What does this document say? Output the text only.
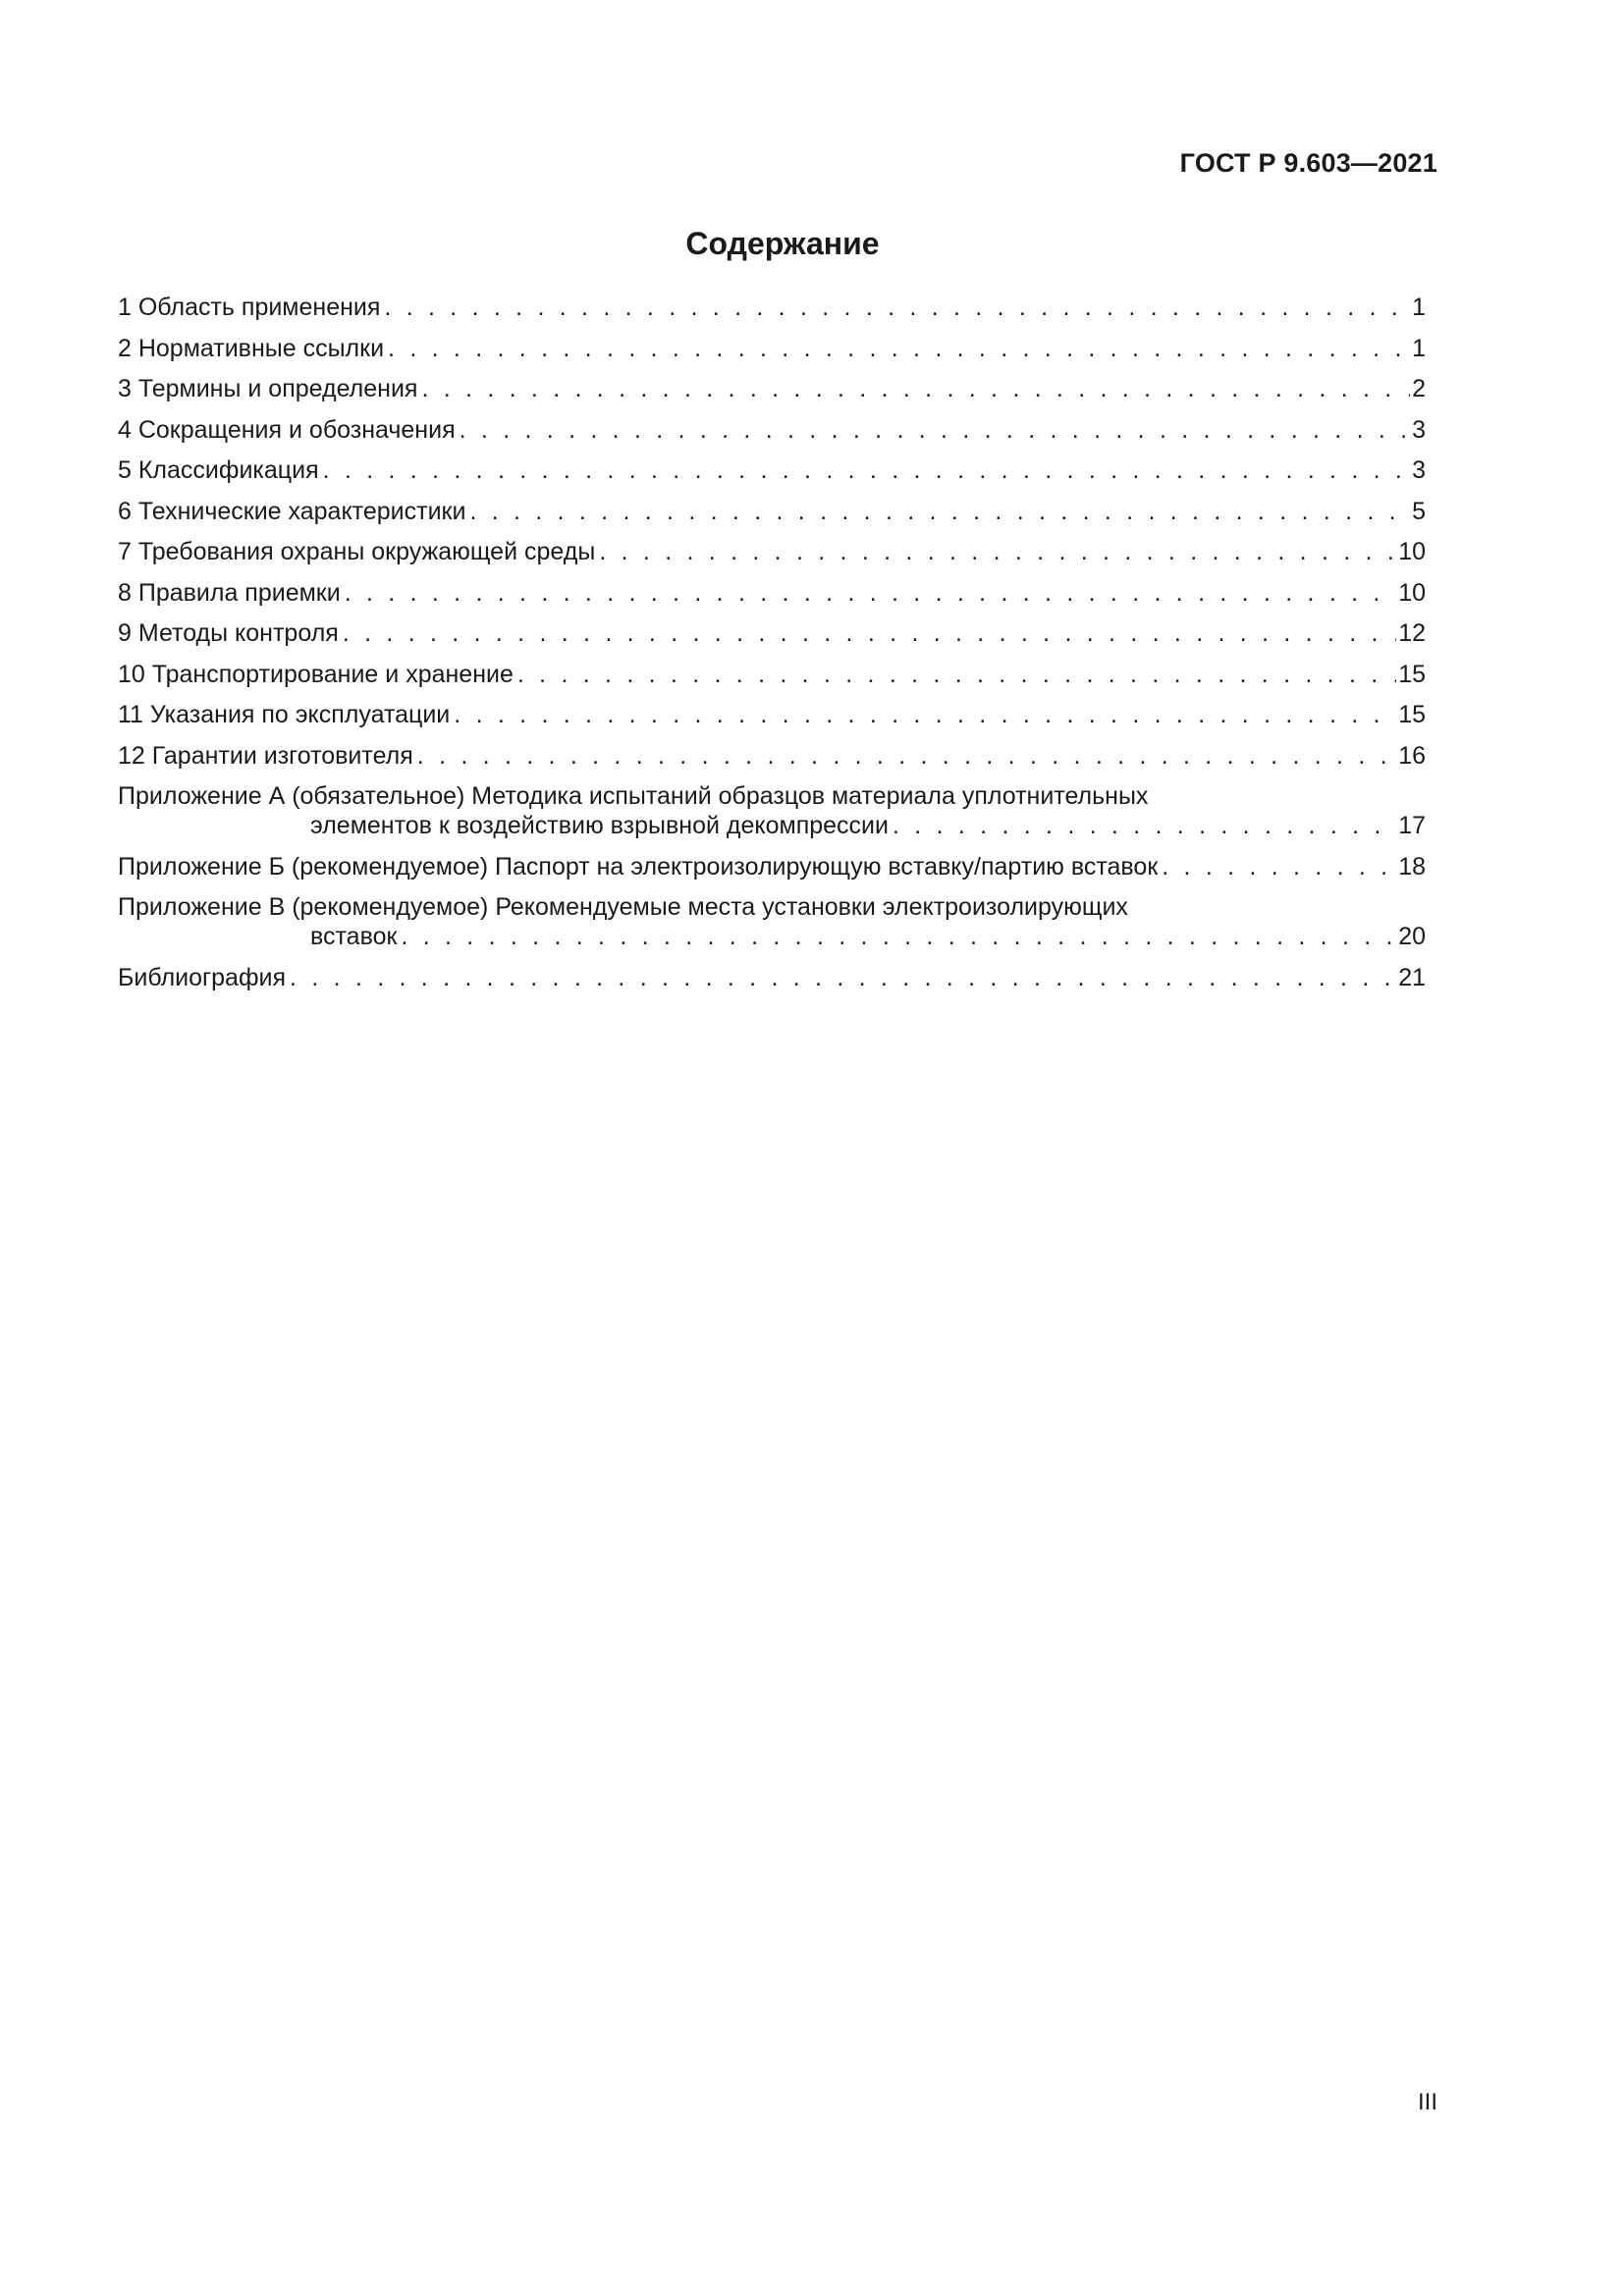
ГОСТ Р 9.603—2021
Содержание
1 Область применения . . .	1
2 Нормативные ссылки . . .	1
3 Термины и определения . . .	2
4 Сокращения и обозначения . . .	3
5 Классификация . . .	3
6 Технические характеристики . . .	5
7 Требования охраны окружающей среды . . .	10
8 Правила приемки . . .	10
9 Методы контроля . . .	12
10 Транспортирование и хранение . . .	15
11 Указания по эксплуатации . . .	15
12 Гарантии изготовителя . . .	16
Приложение А (обязательное) Методика испытаний образцов материала уплотнительных
элементов к воздействию взрывной декомпрессии . . .	17
Приложение Б (рекомендуемое) Паспорт на электроизолирующую вставку/партию вставок . . .	18
Приложение В (рекомендуемое) Рекомендуемые места установки электроизолирующих
вставок . . .	20
Библиография . . .	21
III
